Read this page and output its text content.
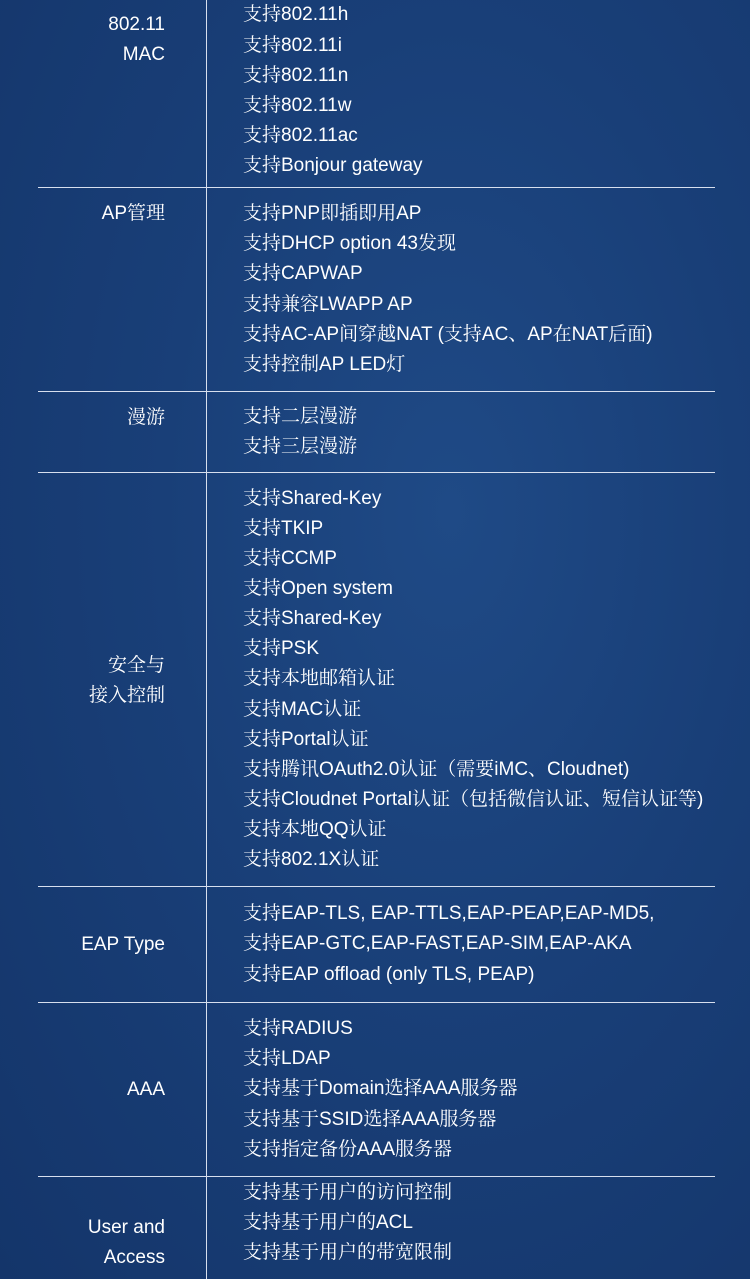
802.11
MAC
支持802.11h
支持802.11i
支持802.11n
支持802.11w
支持802.11ac
支持Bonjour gateway
AP管理	支持PNP即插即用AP
支持DHCP option 43发现
支持CAPWAP
支持兼容LWAPP AP
支持AC-AP间穿越NAT (支持AC、AP在NAT后面)
支持控制AP LED灯
漫游	支持二层漫游
支持三层漫游
安全与
接入控制
支持Shared-Key
支持TKIP
支持CCMP
支持Open system
支持Shared-Key
支持PSK
支持本地邮箱认证
支持MAC认证
支持Portal认证
支持腾讯OAuth2.0认证（需要iMC、Cloudnet)
支持Cloudnet Portal认证（包括微信认证、短信认证等)
支持本地QQ认证
支持802.1X认证
EAP Type
支持EAP-TLS, EAP-TTLS,EAP-PEAP,EAP-MD5,
支持EAP-GTC,EAP-FAST,EAP-SIM,EAP-AKA
支持EAP offload (only TLS, PEAP)
AAA
支持RADIUS
支持LDAP
支持基于Domain选择AAA服务器
支持基于SSID选择AAA服务器
支持指定备份AAA服务器
User and
Access
支持基于用户的访问控制
支持基于用户的ACL
支持基于用户的带宽限制
